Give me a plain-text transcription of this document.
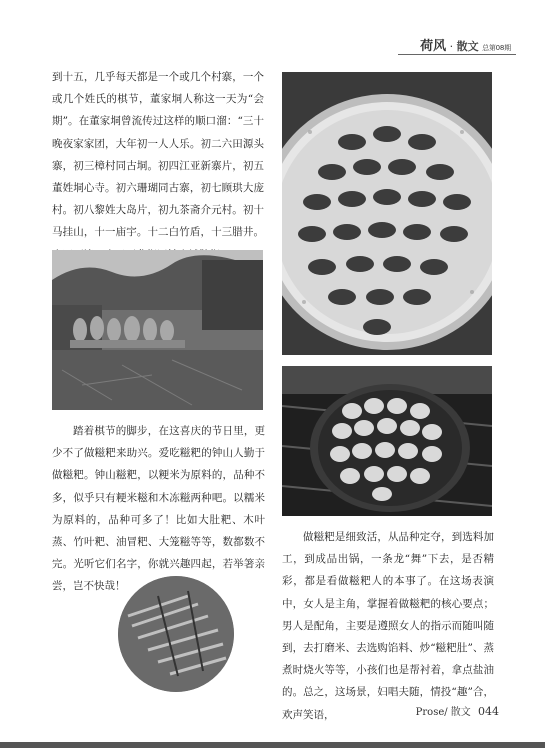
荷风 · 散文 总第08期

到十五，几乎每天都是一个或几个村寨，一个或几个姓氏的棋节，董家垌人称这一天为“会期”。在董家垌曾流传过这样的顺口溜：“三十晚夜家家团，大年初一人人乐。初二六田源头寨，初三樟村同古垌。初四江亚新寨片，初五董姓垌心寺。初六珊瑚同古寨，初七顾珙大庞村。初八黎姓大岛片，初九茶斋介元村。初十马挂山，十一庙宇。十二白竹盾，十三腊井。

踏着棋节的脚步，在这喜庆的节日里，更少不了做糍粑来助兴。爱吃糍粑的钟山人勤于做糍粑。钟山糍粑，以粳米为原料的，品种不多，似乎只有粳米糍和木冻糍两种吧。以糯米为原料的，品种可多了！比如大肚粑、木叶蒸、竹叶粑、油冒粑、大笼糍等等，数都数不完。光听它们名字，你就兴趣四起，若举箸亲尝，岂不快哉！

做糍粑是细致活，从品种定夺，到选料加工，到成品出锅，一条龙“舞”下去，是否精彩，都是看做糍粑人的本事了。在这场表演中，女人是主角，掌握着做糍粑的核心要点；男人是配角，主要是遵照女人的指示而随叫随到，去打磨米、去选购馅料、炒“糍粑肚”、蒸煮时烧火等等，小孩们也是帮衬着，拿点盐油的。总之，这场景，妇唱夫随，情投“趣”合，欢声笑语，	Prose/ 散文 044
